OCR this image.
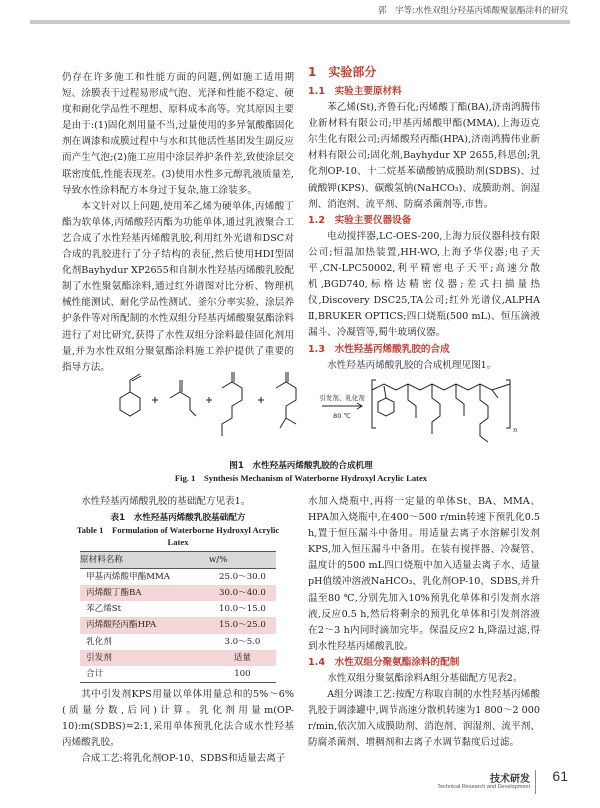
郭　宇等:水性双组分羟基丙烯酸聚氨酯涂料的研究

仍存在许多施工和性能方面的问题,例如施工适用期短、涂膜表干过程易形成气泡、光泽和性能不稳定、硬度和耐化学品性不理想、原料成本高等。究其原因主要是由于:(1)固化剂用量不当,过量使用的多异氰酸酯固化剂在调漆和成膜过程中与水和其他活性基团发生副反应而产生气泡;(2)施工应用中涂层养护条件差,致使涂层交联密度低,性能表现差。(3)使用水性多元醇乳液质量差,导致水性涂料配方本身过于复杂,施工涂装多。

本文针对以上问题,使用苯乙烯为硬单体,丙烯酸丁酯为软单体,丙烯酸羟丙酯为功能单体,通过乳液聚合工艺合成了水性羟基丙烯酸乳胶,利用红外光谱和DSC对合成的乳胶进行了分子结构的表征,然后使用HDI型固化剂Bayhydur XP2655和自制水性羟基丙烯酸乳胶配制了水性聚氨酯涂料,通过红外谱图对比分析、物理机械性能测试、耐化学品性测试、釜尔分率实验、涂层养护条件等对所配制的水性双组分羟基丙烯酸聚氨酯涂料进行了对比研究,获得了水性双组分涂料最佳固化剂用量,并为水性双组分聚氨酯涂料施工养护提供了重要的指导方法。

1　实验部分
1.1　实验主要原材料

苯乙烯(St),齐鲁石化;丙烯酸丁酯(BA),济南鸿腾伟业新材料有限公司;甲基丙烯酸甲酯(MMA),上海迈克尔生化有限公司;丙烯酸羟丙酯(HPA),济南鸿腾伟业新材料有限公司;固化剂,Bayhydur XP 2655,科思创;乳化剂OP-10、十二烷基苯磺酸钠成膜助剂(SDBS)、过硫酸钾(KPS)、碳酸氢钠(NaHCO₃)、成膜助剂、润湿剂、消泡剂、流平剂、防腐杀菌剂等,市售。

1.2　实验主要仪器设备

电动搅拌器,LC-OES-200,上海力辰仪器科技有限公司;恒温加热装置,HH-WO,上海予华仪器;电子天平,CN-LPC50002,利平精密电子天平;高速分散机,BGD740,标格达精密仪器;差式扫描量热仪,Discovery DSC25,TA公司;红外光谱仪,ALPHA Ⅱ,BRUKER OPTICS;四口烧瓶(500 mL)、恒压滴液漏斗、冷凝管等,蜀牛玻璃仪器。

1.3　水性羟基丙烯酸乳胶的合成

水性羟基丙烯酸乳胶的合成机理见图1。

引发剂、乳化剂
80 ℃
n
图1　水性羟基丙烯酸乳胶的合成机理
Fig. 1　Synthesis Mechanism of Waterborne Hydroxyl Acrylic Latex

水性羟基丙烯酸乳胶的基础配方见表1。

表1　水性羟基丙烯酸乳胶基础配方
Table 1　Formulation of Waterborne Hydroxyl Acrylic
Latex
原材料名称	w/%
甲基丙烯酸甲酯MMA	25.0～30.0
丙烯酸丁酯BA	30.0～40.0
苯乙烯St	10.0～15.0
丙烯酸羟丙酯HPA	15.0～25.0
乳化剂	3.0～5.0
引发剂	适量
合计	100

其中引发剂KPS用量以单体用量总和的5%～6%(质量分数,后同)计算。乳化剂用量m(OP-10):m(SDBS)=2:1,采用单体预乳化法合成水性羟基丙烯酸乳胶。

合成工艺:将乳化剂OP-10、SDBS和适量去离子

水加入烧瓶中,再将一定量的单体St、BA、MMA、HPA加入烧瓶中,在400～500 r/min转速下预乳化0.5 h,置于恒压漏斗中备用。用适量去离子水溶解引发剂KPS,加入恒压漏斗中备用。在装有搅拌器、冷凝管、温度计的500 mL四口烧瓶中加入适量去离子水、适量pH值缓冲溶液NaHCO₃、乳化剂OP-10、SDBS,并升温至80 ℃,分别先加入10%预乳化单体和引发剂水溶液,反应0.5 h,然后将剩余的预乳化单体和引发剂溶液在2～3 h内同时滴加完毕。保温反应2 h,降温过滤,得到水性羟基丙烯酸乳胶。

1.4　水性双组分聚氨酯涂料的配制

水性双组分聚氨酯涂料A组分基础配方见表2。

A组分调漆工艺:按配方称取自制的水性羟基丙烯酸乳胶于调漆罐中,调节高速分散机转速为1 800～2 000 r/min,依次加入成膜助剂、消泡剂、润湿剂、流平剂、防腐杀菌剂、增稠剂和去离子水调节黏度后过滤。

技术研发
Technical Research and Development
61
